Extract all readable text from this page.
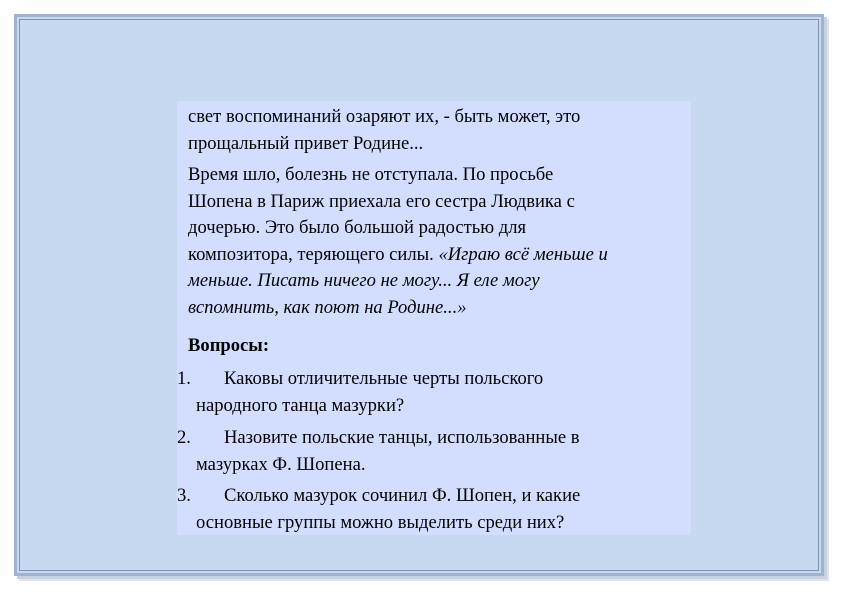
свет воспоминаний озаряют их, - быть может, это
прощальный привет Родине...

Время шло, болезнь не отступала. По просьбе
Шопена в Париж приехала его сестра Людвика с
дочерью. Это было большой радостью для
композитора, теряющего силы. «Играю всё меньше и
меньше. Писать ничего не могу... Я еле могу
вспомнить, как поют на Родине...»

Вопросы:

1. Каковы отличительные черты польского
народного танца мазурки?

2. Назовите польские танцы, использованные в
мазурках Ф. Шопена.

3. Сколько мазурок сочинил Ф. Шопен, и какие
основные группы можно выделить среди них?
